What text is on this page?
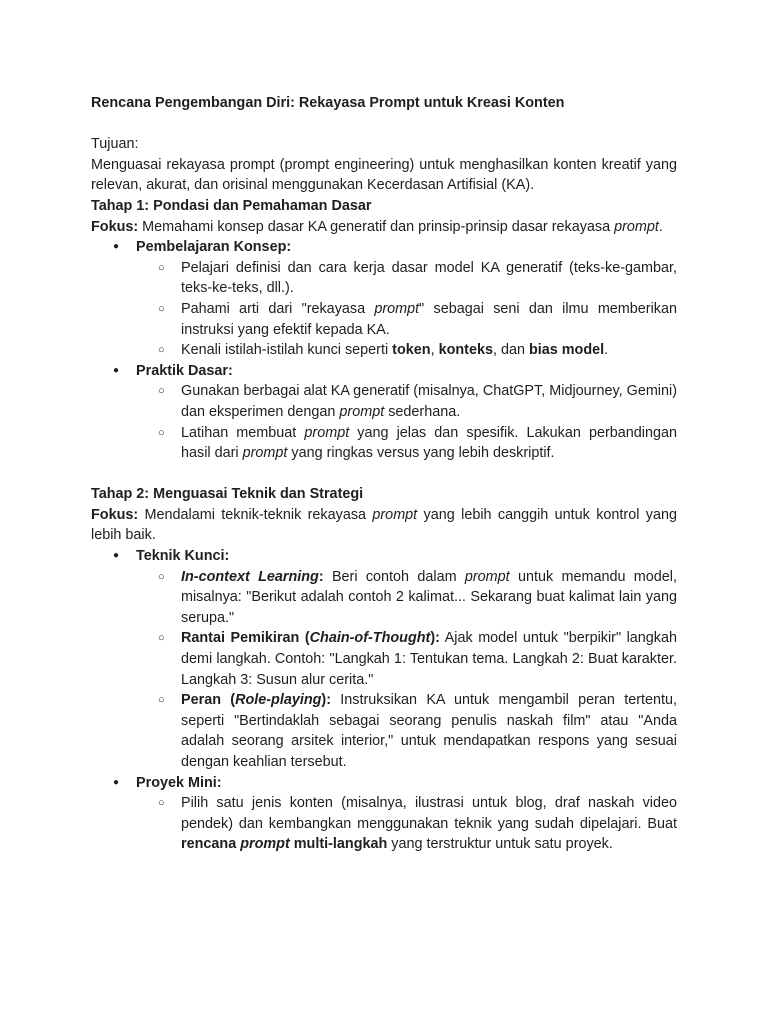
Rencana Pengembangan Diri: Rekayasa Prompt untuk Kreasi Konten

Tujuan:

Menguasai rekayasa prompt (prompt engineering) untuk menghasilkan konten kreatif yang relevan, akurat, dan orisinal menggunakan Kecerdasan Artifisial (KA).

Tahap 1: Pondasi dan Pemahaman Dasar

Fokus: Memahami konsep dasar KA generatif dan prinsip-prinsip dasar rekayasa prompt.

● Pembelajaran Konsep:
○ Pelajari definisi dan cara kerja dasar model KA generatif (teks-ke-gambar, teks-ke-teks, dll.).
○ Pahami arti dari "rekayasa prompt" sebagai seni dan ilmu memberikan instruksi yang efektif kepada KA.
○ Kenali istilah-istilah kunci seperti token, konteks, dan bias model.
● Praktik Dasar:
○ Gunakan berbagai alat KA generatif (misalnya, ChatGPT, Midjourney, Gemini) dan eksperimen dengan prompt sederhana.
○ Latihan membuat prompt yang jelas dan spesifik. Lakukan perbandingan hasil dari prompt yang ringkas versus yang lebih deskriptif.

Tahap 2: Menguasai Teknik dan Strategi

Fokus: Mendalami teknik-teknik rekayasa prompt yang lebih canggih untuk kontrol yang lebih baik.

● Teknik Kunci:
○ In-context Learning: Beri contoh dalam prompt untuk memandu model, misalnya: "Berikut adalah contoh 2 kalimat... Sekarang buat kalimat lain yang serupa."
○ Rantai Pemikiran (Chain-of-Thought): Ajak model untuk "berpikir" langkah demi langkah. Contoh: "Langkah 1: Tentukan tema. Langkah 2: Buat karakter. Langkah 3: Susun alur cerita."
○ Peran (Role-playing): Instruksikan KA untuk mengambil peran tertentu, seperti "Bertindaklah sebagai seorang penulis naskah film" atau "Anda adalah seorang arsitek interior," untuk mendapatkan respons yang sesuai dengan keahlian tersebut.
● Proyek Mini:
○ Pilih satu jenis konten (misalnya, ilustrasi untuk blog, draf naskah video pendek) dan kembangkan menggunakan teknik yang sudah dipelajari. Buat rencana prompt multi-langkah yang terstruktur untuk satu proyek.
